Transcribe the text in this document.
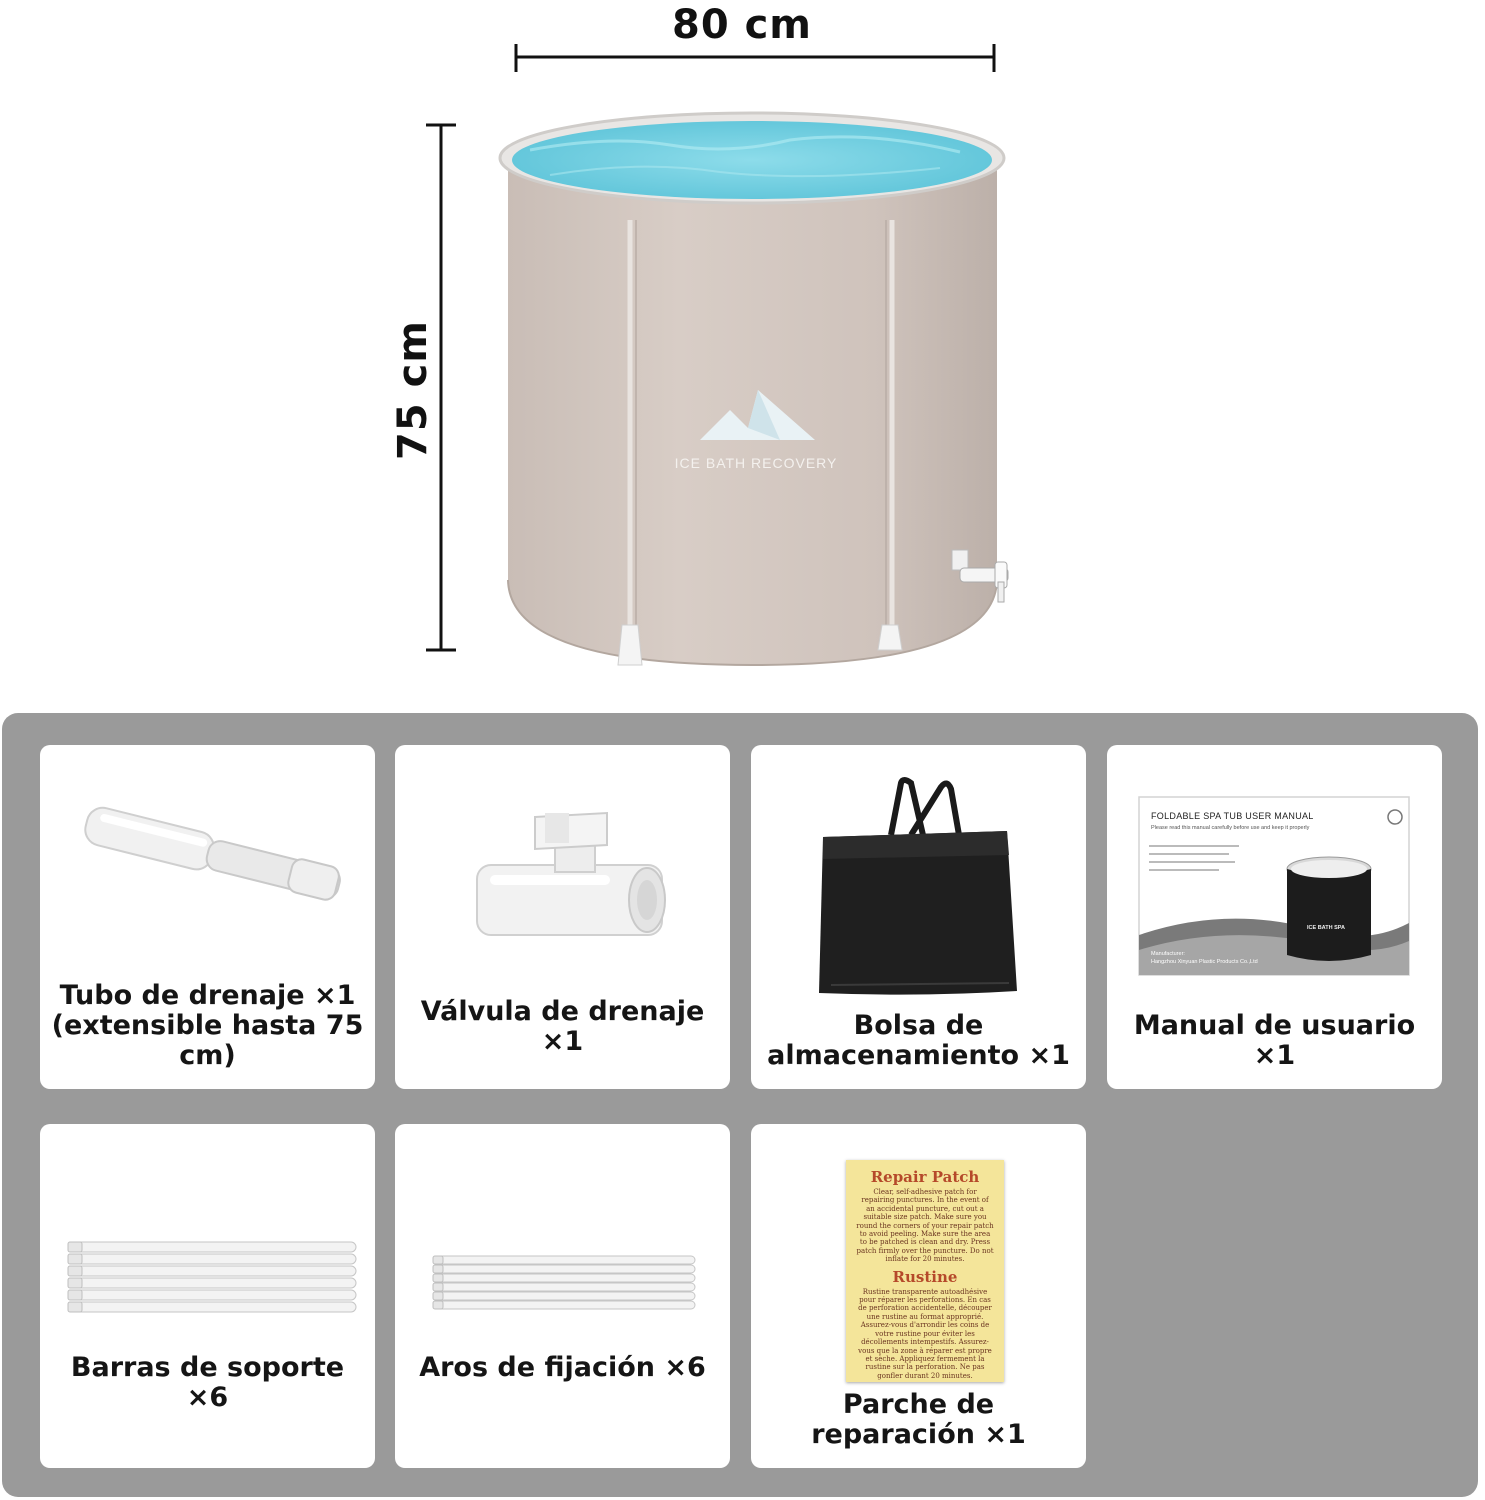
80 cm
75 cm
ICE BATH RECOVERY
Tubo de drenaje ×1 (extensible hasta 75 cm)
Válvula de drenaje ×1
Bolsa de almacenamiento ×1
FOLDABLE SPA TUB USER MANUAL
Please read this manual carefully before use and keep it properly
ICE BATH SPA
Manufacturer:
Hangzhou Xinyuan Plastic Products Co.,Ltd
Manual de usuario ×1
Barras de soporte ×6
Aros de fijación ×6
Repair Patch
Clear, self-adhesive patch for repairing punctures. In the event of an accidental puncture, cut out a suitable size patch. Make sure you round the corners of your repair patch to avoid peeling. Make sure the area to be patched is clean and dry. Press patch firmly over the puncture. Do not inflate for 20 minutes.
Rustine
Rustine transparente autoadhésive pour réparer les perforations. En cas de perforation accidentelle, découper une rustine au format approprié. Assurez-vous d'arrondir les coins de votre rustine pour éviter les décollements intempestifs. Assurez-vous que la zone à réparer est propre et sèche. Appliquez fermement la rustine sur la perforation. Ne pas gonfler durant 20 minutes.
Parche de reparación ×1
